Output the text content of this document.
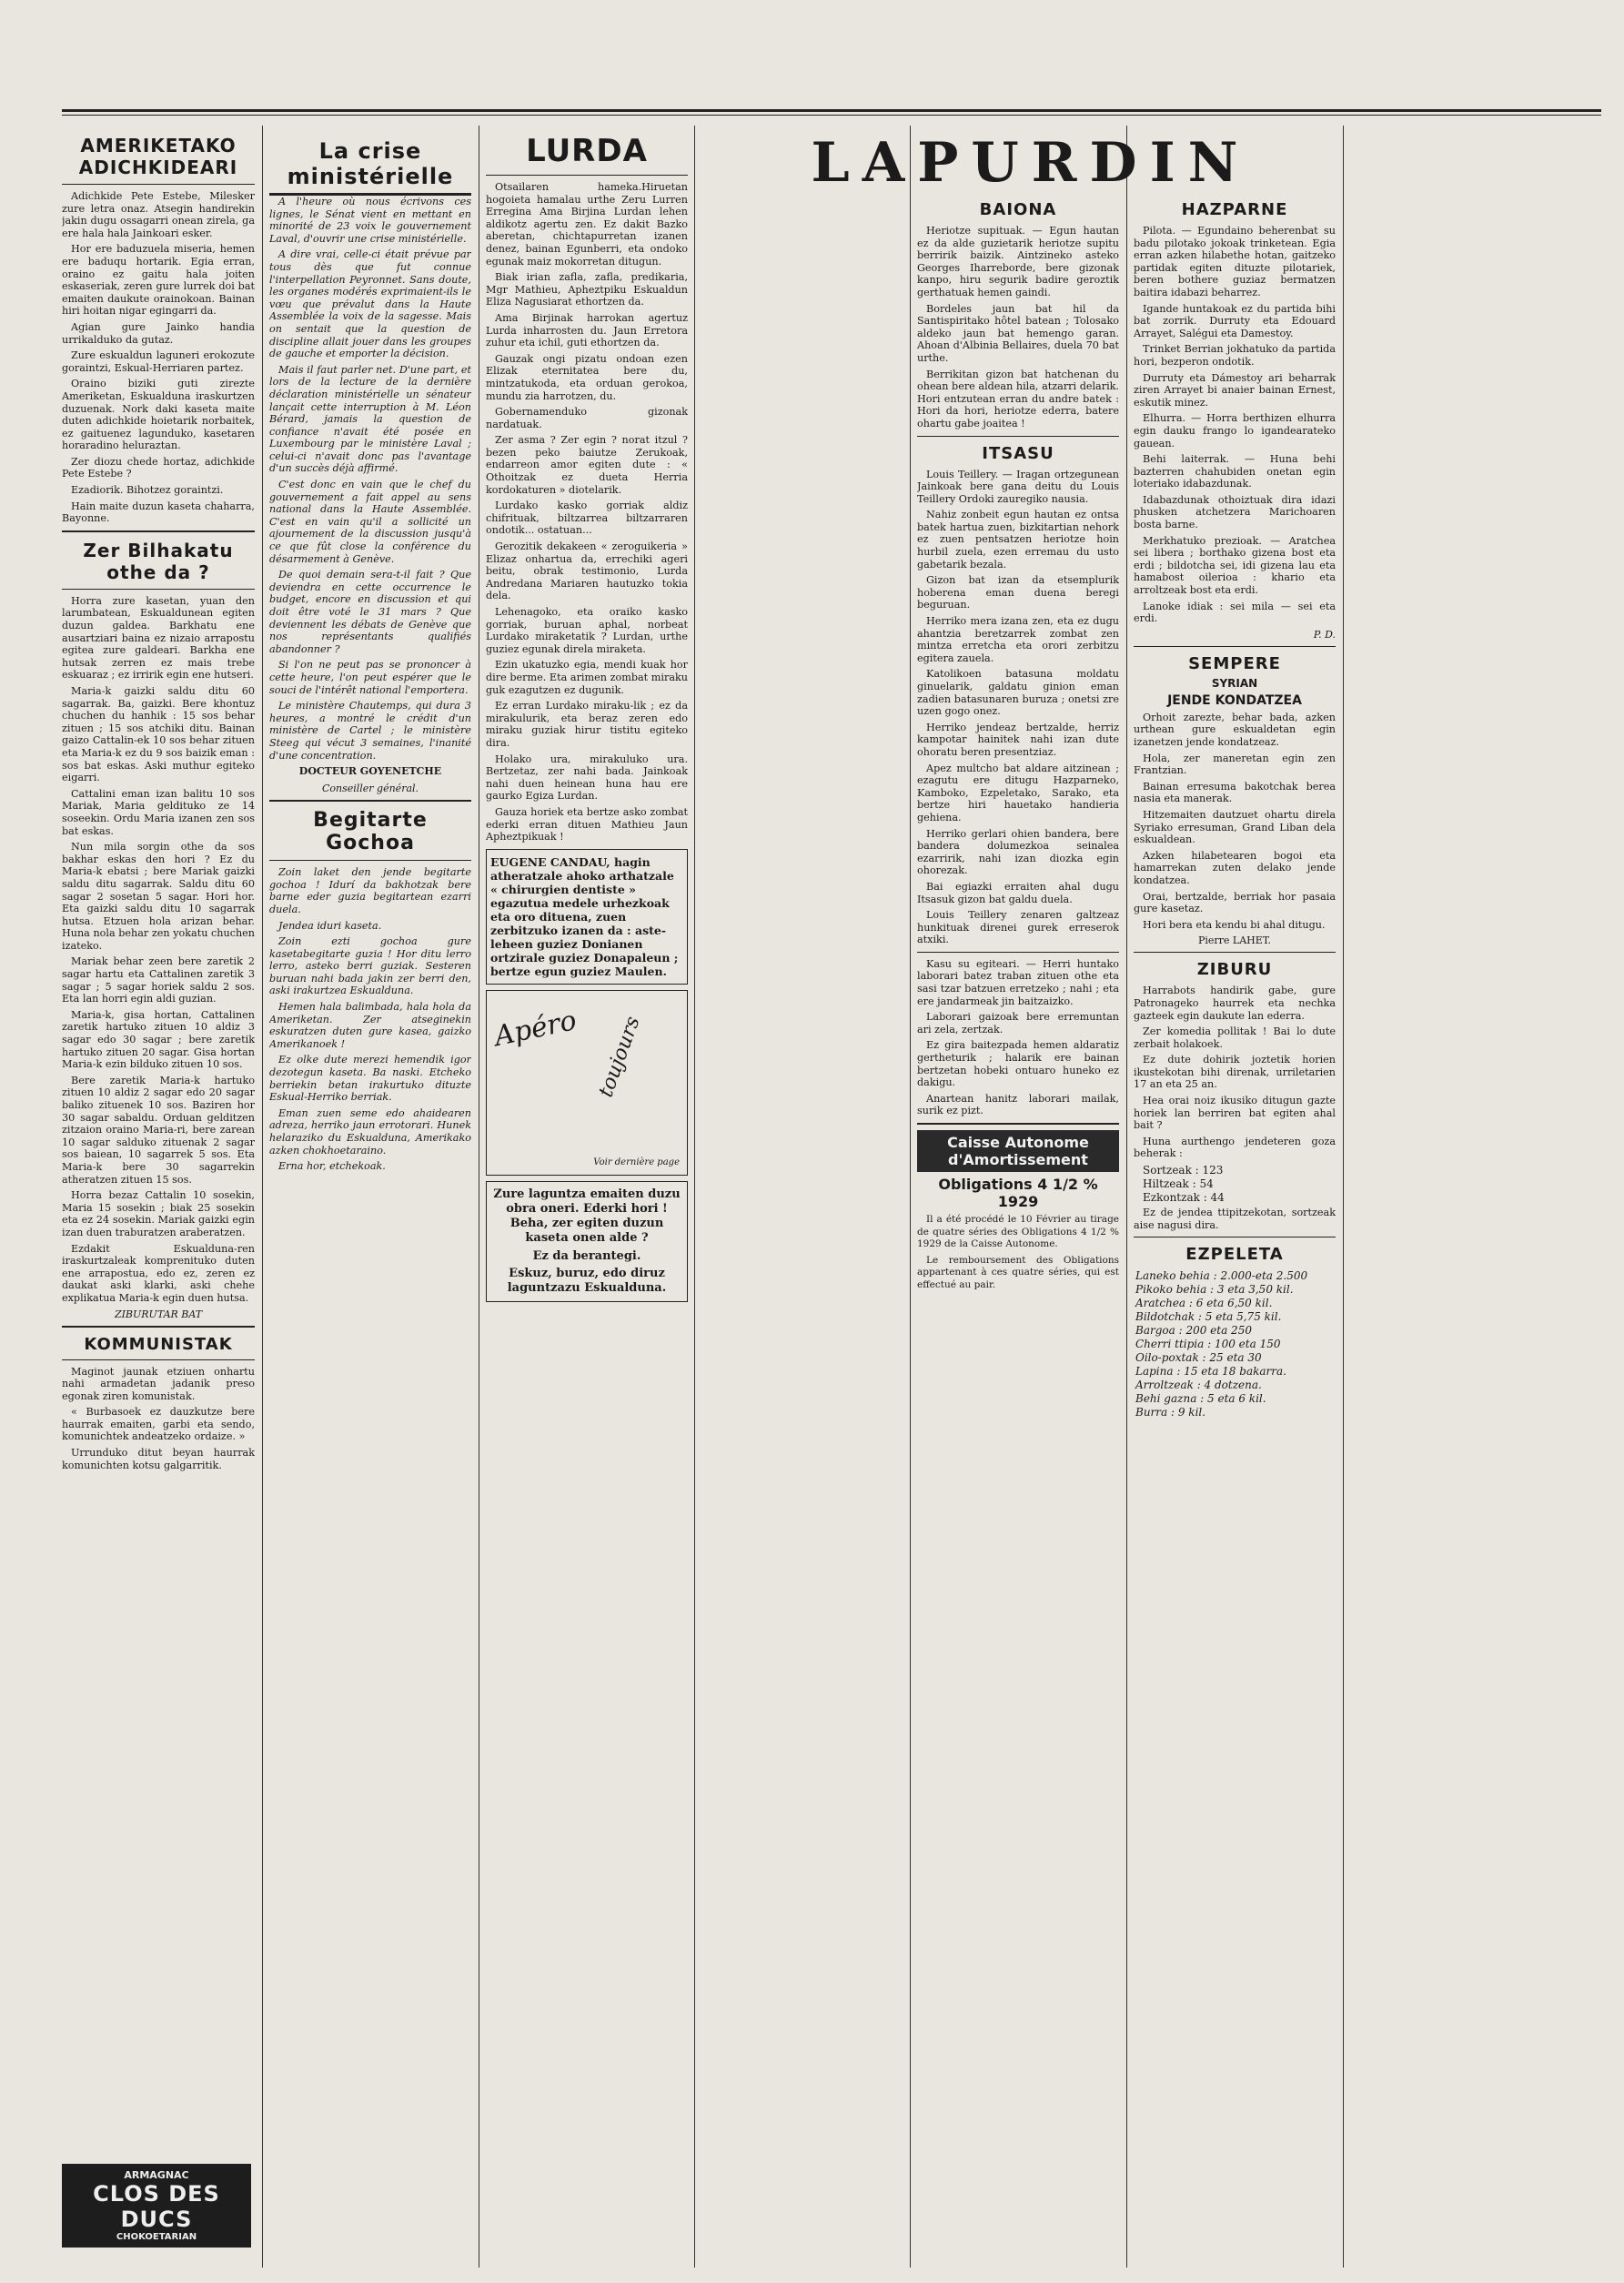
AMERIKETAKO ADICHKIDEARI

Adichkide Pete Estebe, Milesker zure letra onaz. Atsegin handirekin jakin dugu ossagarri onean zirela, ga ere hala hala Jainkoari esker.

Hor ere baduzuela miseria, hemen ere baduqu hortarik. Egia erran, oraino ez gaitu hala joiten eskaseriak, zeren gure lurrek doi bat emaiten daukute orainokoan. Bainan hiri hoitan nigar egingarri da.

Agian gure Jainko handia urrikalduko da gutaz.

Zure eskualdun laguneri erokozute goraintzi, Eskual-Herriaren partez.

Oraino biziki guti zirezte Ameriketan, Eskualduna iraskurtzen duzuenak. Nork daki kaseta maite duten adichkide hoietarik norbaitek, ez gaituenez lagunduko, kasetaren horaradino heluraztan.

Zer diozu chede hortaz, adichkide Pete Estebe ?

Ezadiorik. Bihotzez goraintzi.

Hain maite duzun kaseta chaharra, Bayonne.

Zer Bilhakatu othe da ?

Horra zure kasetan, yuan den larumbatean, Eskualdunean egiten duzun galdea. Barkhatu ene ausartziari baina ez nizaio arrapostu egitea zure galdeari. Barkha ene hutsak zerren ez mais trebe eskuaraz ; ez irririk egin ene hutseri.

Maria-k gaizki saldu ditu 60 sagarrak. Ba, gaizki. Bere khontuz chuchen du hanhik : 15 sos behar zituen ; 15 sos atchiki ditu. Bainan gaizo Cattalin-ek 10 sos behar zituen eta Maria-k ez du 9 sos baizik eman : sos bat eskas. Aski muthur egiteko eigarri.

Cattalini eman izan balitu 10 sos Mariak, Maria geldituko ze 14 soseekin. Ordu Maria izanen zen sos bat eskas.

Nun mila sorgin othe da sos bakhar eskas den hori ? Ez du Maria-k ebatsi ; bere Mariak gaizki saldu ditu sagarrak. Saldu ditu 60 sagar 2 sosetan 5 sagar. Hori hor. Eta gaizki saldu ditu 10 sagarrak hutsa. Etzuen hola arizan behar. Huna nola behar zen yokatu chuchen izateko.

Mariak behar zeen bere zaretik 2 sagar hartu eta Cattalinen zaretik 3 sagar ; 5 sagar horiek saldu 2 sos. Eta lan horri egin aldi guzian.

Maria-k, gisa hortan, Cattalinen zaretik hartuko zituen 10 aldiz 3 sagar edo 30 sagar ; bere zaretik hartuko zituen 20 sagar. Gisa hortan Maria-k ezin bilduko zituen 10 sos.

Bere zaretik Maria-k hartuko zituen 10 aldiz 2 sagar edo 20 sagar baliko zituenek 10 sos. Baziren hor 30 sagar sabaldu. Orduan gelditzen zitzaion oraino Maria-ri, bere zarean 10 sagar salduko zituenak 2 sagar sos baiean, 10 sagarrek 5 sos. Eta Maria-k bere 30 sagarrekin atheratzen zituen 15 sos.

Horra bezaz Cattalin 10 sosekin, Maria 15 sosekin ; biak 25 sosekin eta ez 24 sosekin. Mariak gaizki egin izan duen traburatzen araberatzen.

Ezdakit Eskualduna-ren iraskurtzaleak komprenituko duten ene arrapostua, edo ez, zeren ez daukat aski klarki, aski chehe explikatua Maria-k egin duen hutsa.

ZIBURUTAR BAT
KOMMUNISTAK

Maginot jaunak etziuen onhartu nahi armadetan jadanik preso egonak ziren komunistak.

« Burbasoek ez dauzkutze bere haurrak emaiten, garbi eta sendo, komunichtek andeatzeko ordaize. »

Urrunduko ditut beyan haurrak komunichten kotsu galgarritik.

ARMAGNAC
CLOS DES DUCS
CHOKOETARIAN
La crise ministérielle

A l'heure où nous écrivons ces lignes, le Sénat vient en mettant en minorité de 23 voix le gouvernement Laval, d'ouvrir une crise ministérielle.

A dire vrai, celle-ci était prévue par tous dès que fut connue l'interpellation Peyronnet. Sans doute, les organes modérés exprimaient-ils le vœu que prévalut dans la Haute Assemblée la voix de la sagesse. Mais on sentait que la question de discipline allait jouer dans les groupes de gauche et emporter la décision.

Mais il faut parler net. D'une part, et lors de la lecture de la dernière déclaration ministérielle un sénateur lançait cette interruption à M. Léon Bérard, jamais la question de confiance n'avait été posée en Luxembourg par le ministère Laval ; celui-ci n'avait donc pas l'avantage d'un succès déjà affirmé.

C'est donc en vain que le chef du gouvernement a fait appel au sens national dans la Haute Assemblée. C'est en vain qu'il a sollicité un ajournement de la discussion jusqu'à ce que fût close la conférence du désarmement à Genève.

De quoi demain sera-t-il fait ? Que deviendra en cette occurrence le budget, encore en discussion et qui doit être voté le 31 mars ? Que deviennent les débats de Genève que nos représentants qualifiés abandonner ?

Si l'on ne peut pas se prononcer à cette heure, l'on peut espérer que le souci de l'intérêt national l'emportera.

Le ministère Chautemps, qui dura 3 heures, a montré le crédit d'un ministère de Cartel ; le ministère Steeg qui vécut 3 semaines, l'inanité d'une concentration.

DOCTEUR GOYENETCHE
Conseiller général.
Begitarte Gochoa

Zoin laket den jende begitarte gochoa ! Idurí da bakhotzak bere barne eder guzia begitartean ezarri duela.

Jendea iduri kaseta.

Zoin ezti gochoa gure kasetabegitarte guzia ! Hor ditu lerro lerro, asteko berri guziak. Sesteren buruan nahi bada jakin zer berri den, aski irakurtzea Eskualduna.

Hemen hala balimbada, hala hola da Ameriketan. Zer atseginekin eskuratzen duten gure kasea, gaizko Amerikanoek !

Ez olke dute merezi hemendik igor dezotegun kaseta. Ba naski. Etcheko berriekin betan irakurtuko dituzte Eskual-Herriko berriak.

Eman zuen seme edo ahaidearen adreza, herriko jaun errotorari. Hunek helaraziko du Eskualduna, Amerikako azken chokhoetaraino.

Erna hor, etchekoak.

LURDA

Otsailaren hameka.Hiruetan hogoieta hamalau urthe Zeru Lurren Erregina Ama Birjina Lurdan lehen aldikotz agertu zen. Ez dakit Bazko aberetan, chichtapurretan izanen denez, bainan Egunberri, eta ondoko egunak maiz mokorretan ditugun.

Biak irian zafla, zafla, predikaria, Mgr Mathieu, Apheztpiku Eskualdun Eliza Nagusiarat ethortzen da.

Ama Birjinak harrokan agertuz Lurda inharrosten du. Jaun Erretora zuhur eta ichil, guti ethortzen da.

Gauzak ongi pizatu ondoan ezen Elizak eternitatea bere du, mintzatukoda, eta orduan gerokoa, mundu zia harrotzen, du.

Gobernamenduko gizonak nardatuak.

Zer asma ? Zer egin ? norat itzul ? bezen peko baiutze Zerukoak, endarreon amor egiten dute : « Othoitzak ez dueta Herria kordokaturen » diotelarik.

Lurdako kasko gorriak aldiz chifrituak, biltzarrea biltzarraren ondotik... ostatuan...

Gerozitik dekakeen « zeroguikeria » Elizaz onhartua da, errechiki ageri beitu, obrak testimonio, Lurda Andredana Mariaren hautuzko tokia dela.

Lehenagoko, eta oraiko kasko gorriak, buruan aphal, norbeat Lurdako miraketatik ? Lurdan, urthe guziez egunak direla miraketa.

Ezin ukatuzko egia, mendi kuak hor dire berme. Eta arimen zombat miraku guk ezagutzen ez dugunik.

Ez erran Lurdako miraku-lik ; ez da mirakulurik, eta beraz zeren edo miraku guziak hirur tistitu egiteko dira.

Holako ura, mirakuluko ura. Bertzetaz, zer nahi bada. Jainkoak nahi duen heinean huna hau ere gaurko Egiza Lurdan.

Gauza horiek eta bertze asko zombat ederki erran dituen Mathieu Jaun Apheztpikuak !

EUGENE CANDAU, hagin atheratzale ahoko arthatzale « chirurgien dentiste » egazutua medele urhezkoak eta oro dituena, zuen zerbitzuko izanen da : aste-leheen guziez Donianen ortzirale guziez Donapaleun ; bertze egun guziez Maulen.
Apéro toujours
Voir dernière page
Zure laguntza emaiten duzu obra oneri. Ederki hori ! Beha, zer egiten duzun kaseta onen alde ?
Ez da berantegi.
Eskuz, buruz, edo diruz laguntzazu Eskualduna.
LAPURDIN
BAIONA

Heriotze supituak. — Egun hautan ez da alde guzietarik heriotze supitu berririk baizik. Aintzineko asteko Georges Iharreborde, bere gizonak kanpo, hiru segurik badire geroztik gerthatuak hemen gaindi.

Bordeles jaun bat hil da Santispiritako hôtel batean ; Tolosako aldeko jaun bat hemengo garan. Ahoan d'Albinia Bellaires, duela 70 bat urthe.

Berrikitan gizon bat hatchenan du ohean bere aldean hila, atzarri delarik. Hori entzutean erran du andre batek : Hori da hori, heriotze ederra, batere ohartu gabe joaitea !

ITSASU

Louis Teillery. — Iragan ortzegunean Jainkoak bere gana deitu du Louis Teillery Ordoki zauregiko nausia.

Nahiz zonbeit egun hautan ez ontsa batek hartua zuen, bizkitartian nehork ez zuen pentsatzen heriotze hoin hurbil zuela, ezen erremau du usto gabetarik bezala.

Gizon bat izan da etsemplurik hoberena eman duena beregi beguruan.

Herriko mera izana zen, eta ez dugu ahantzia beretzarrek zombat zen mintza erretcha eta orori zerbitzu egitera zauela.

Katolikoen batasuna moldatu ginuelarik, galdatu ginion eman zadien batasunaren buruza ; onetsi zre uzen gogo onez.

Herriko jendeaz bertzalde, herriz kampotar hainitek nahi izan dute ohoratu beren presentziaz.

Apez multcho bat aldare aitzinean ; ezagutu ere ditugu Hazparneko, Kamboko, Ezpeletako, Sarako, eta bertze hiri hauetako handieria gehiena.

Herriko gerlari ohien bandera, bere bandera dolumezkoa seinalea ezarririk, nahi izan diozka egin ohorezak.

Bai egiazki erraiten ahal dugu Itsasuk gizon bat galdu duela.

Louis Teillery zenaren galtzeaz hunkituak direnei gurek erreserok atxiki.

Kasu su egiteari. — Herri huntako laborari batez traban zituen othe eta sasi tzar batzuen erretzeko ; nahi ; eta ere jandarmeak jin baitzaizko.

Laborari gaizoak bere erremuntan ari zela, zertzak.

Ez gira baitezpada hemen aldaratiz gertheturik ; halarik ere bainan bertzetan hobeki ontuaro huneko ez dakigu.

Anartean hanitz laborari mailak, surik ez pizt.

Caisse Autonome d'Amortissement
Obligations 4 1/2 % 1929

Il a été procédé le 10 Février au tirage de quatre séries des Obligations 4 1/2 % 1929 de la Caisse Autonome.

Le remboursement des Obligations appartenant à ces quatre séries, qui est effectué au pair.

HAZPARNE

Pilota. — Egundaino beherenbat su badu pilotako jokoak trinketean. Egia erran azken hilabethe hotan, gaitzeko partidak egiten dituzte pilotariek, beren bothere guziaz bermatzen baitira idabazi beharrez.

Igande huntakoak ez du partida bihi bat zorrik. Durruty eta Edouard Arrayet, Salégui eta Damestoy.

Trinket Berrian jokhatuko da partida hori, bezperon ondotik.

Durruty eta Dámestoy ari beharrak ziren Arrayet bi anaier bainan Ernest, eskutik minez.

Elhurra. — Horra berthizen elhurra egin dauku frango lo igandearateko gauean.

Behi laiterrak. — Huna behi bazterren chahubiden onetan egin loteriako idabazdunak.

Idabazdunak othoiztuak dira idazi phusken atchetzera Marichoaren bosta barne.

Merkhatuko prezioak. — Aratchea sei libera ; borthako gizena bost eta erdi ; bildotcha sei, idi gizena lau eta hamabost oilerioa : khario eta arroltzeak bost eta erdi.

Lanoke idiak : sei mila — sei eta erdi.

P. D.
SEMPERE
SYRIAN
JENDE KONDATZEA

Orhoit zarezte, behar bada, azken urthean gure eskualdetan egin izanetzen jende kondatzeaz.

Hola, zer maneretan egin zen Frantzian.

Bainan erresuma bakotchak berea nasia eta manerak.

Hitzemaiten dautzuet ohartu direla Syriako erresuman, Grand Liban dela eskualdean.

Azken hilabetearen bogoi eta hamarrekan zuten delako jende kondatzea.

Orai, bertzalde, berriak hor pasaia gure kasetaz.

Hori bera eta kendu bi ahal ditugu.

Pierre LAHET.
ZIBURU

Harrabots handirik gabe, gure Patronageko haurrek eta nechka gazteek egin daukute lan ederra.

Zer komedia pollitak ! Bai lo dute zerbait holakoek.

Ez dute dohirik joztetik horien ikustekotan bihi direnak, urriletarien 17 an eta 25 an.

Hea orai noiz ikusiko ditugun gazte horiek lan berriren bat egiten ahal bait ?

Huna aurthengo jendeteren goza beherak :

Sortzeak : 123
Hiltzeak : 54
Ezkontzak : 44

Ez de jendea ttipitzekotan, sortzeak aise nagusi dira.

EZPELETA
Laneko behia : 2.000-eta 2.500
Pikoko behia : 3 eta 3,50 kil.
Aratchea : 6 eta 6,50 kil.
Bildotchak : 5 eta 5,75 kil.
Bargoa : 200 eta 250
Cherri ttipia : 100 eta 150
Oilo-poxtak : 25 eta 30
Lapina : 15 eta 18 bakarra.
Arroltzeak : 4 dotzena.
Behi gazna : 5 eta 6 kil.
Burra : 9 kil.
